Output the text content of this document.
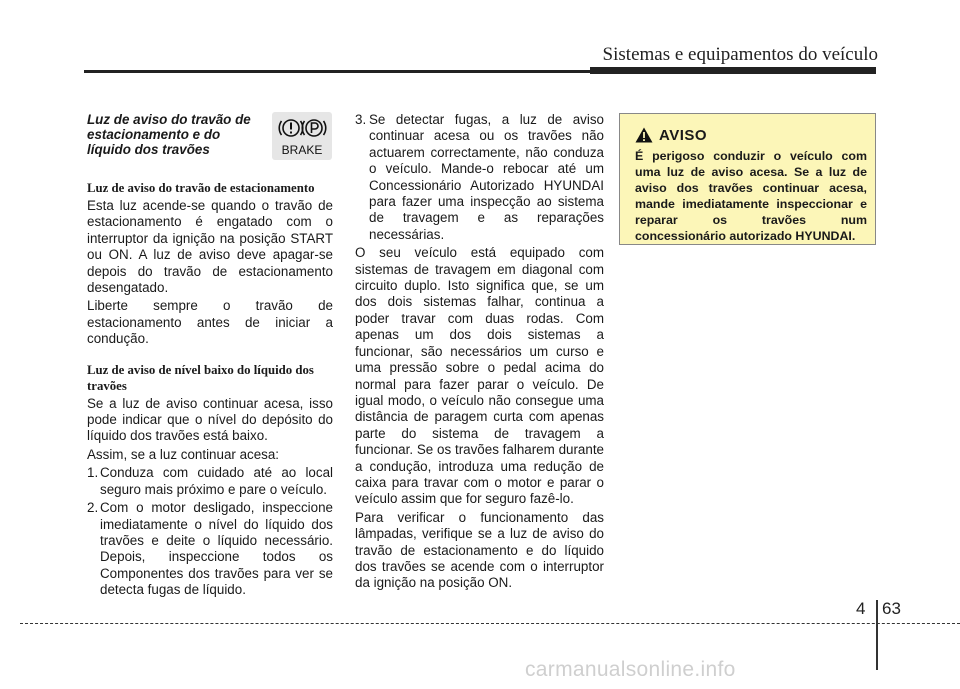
Sistemas e equipamentos do veículo
Luz de aviso do travão de estacionamento e do líquido dos travões
Luz de aviso do travão de estacionamento
Esta luz acende-se quando o travão de estacionamento é engatado com o interruptor da ignição na posição START ou ON. A luz de aviso deve apagar-se depois do travão de estacionamento desengatado.
Liberte sempre o travão de estacionamento antes de iniciar a condução.
Luz de aviso de nível baixo do líquido dos travões
Se a luz de aviso continuar acesa, isso pode indicar que o nível do depósito do líquido dos travões está baixo.
Assim, se a luz continuar acesa:
1. Conduza com cuidado até ao local seguro mais próximo e pare o veículo.
2. Com o motor desligado, inspeccione imediatamente o nível do líquido dos travões e deite o líquido necessário. Depois, inspeccione todos os Componentes dos travões para ver se detecta fugas de líquido.
BRAKE
3. Se detectar fugas, a luz de aviso continuar acesa ou os travões não actuarem correctamente, não conduza o veículo. Mande-o rebocar até um Concessionário Autorizado HYUNDAI para fazer uma inspecção ao sistema de travagem e as reparações necessárias.
O seu veículo está equipado com sistemas de travagem em diagonal com circuito duplo. Isto significa que, se um dos dois sistemas falhar, continua a poder travar com duas rodas. Com apenas um dos dois sistemas a funcionar, são necessários um curso e uma pressão sobre o pedal acima do normal para fazer parar o veículo. De igual modo, o veículo não consegue uma distância de paragem curta com apenas parte do sistema de travagem a funcionar. Se os travões falharem durante a condução, introduza uma redução de caixa para travar com o motor e parar o veículo assim que for seguro fazê-lo.
Para verificar o funcionamento das lâmpadas, verifique se a luz de aviso do travão de estacionamento e do líquido dos travões se acende com o interruptor da ignição na posição ON.
AVISO
É perigoso conduzir o veículo com uma luz de aviso acesa. Se a luz de aviso dos travões continuar acesa, mande imediatamente inspeccionar e reparar os travões num concessionário autorizado HYUNDAI.
4 63
carmanualsonline.info
